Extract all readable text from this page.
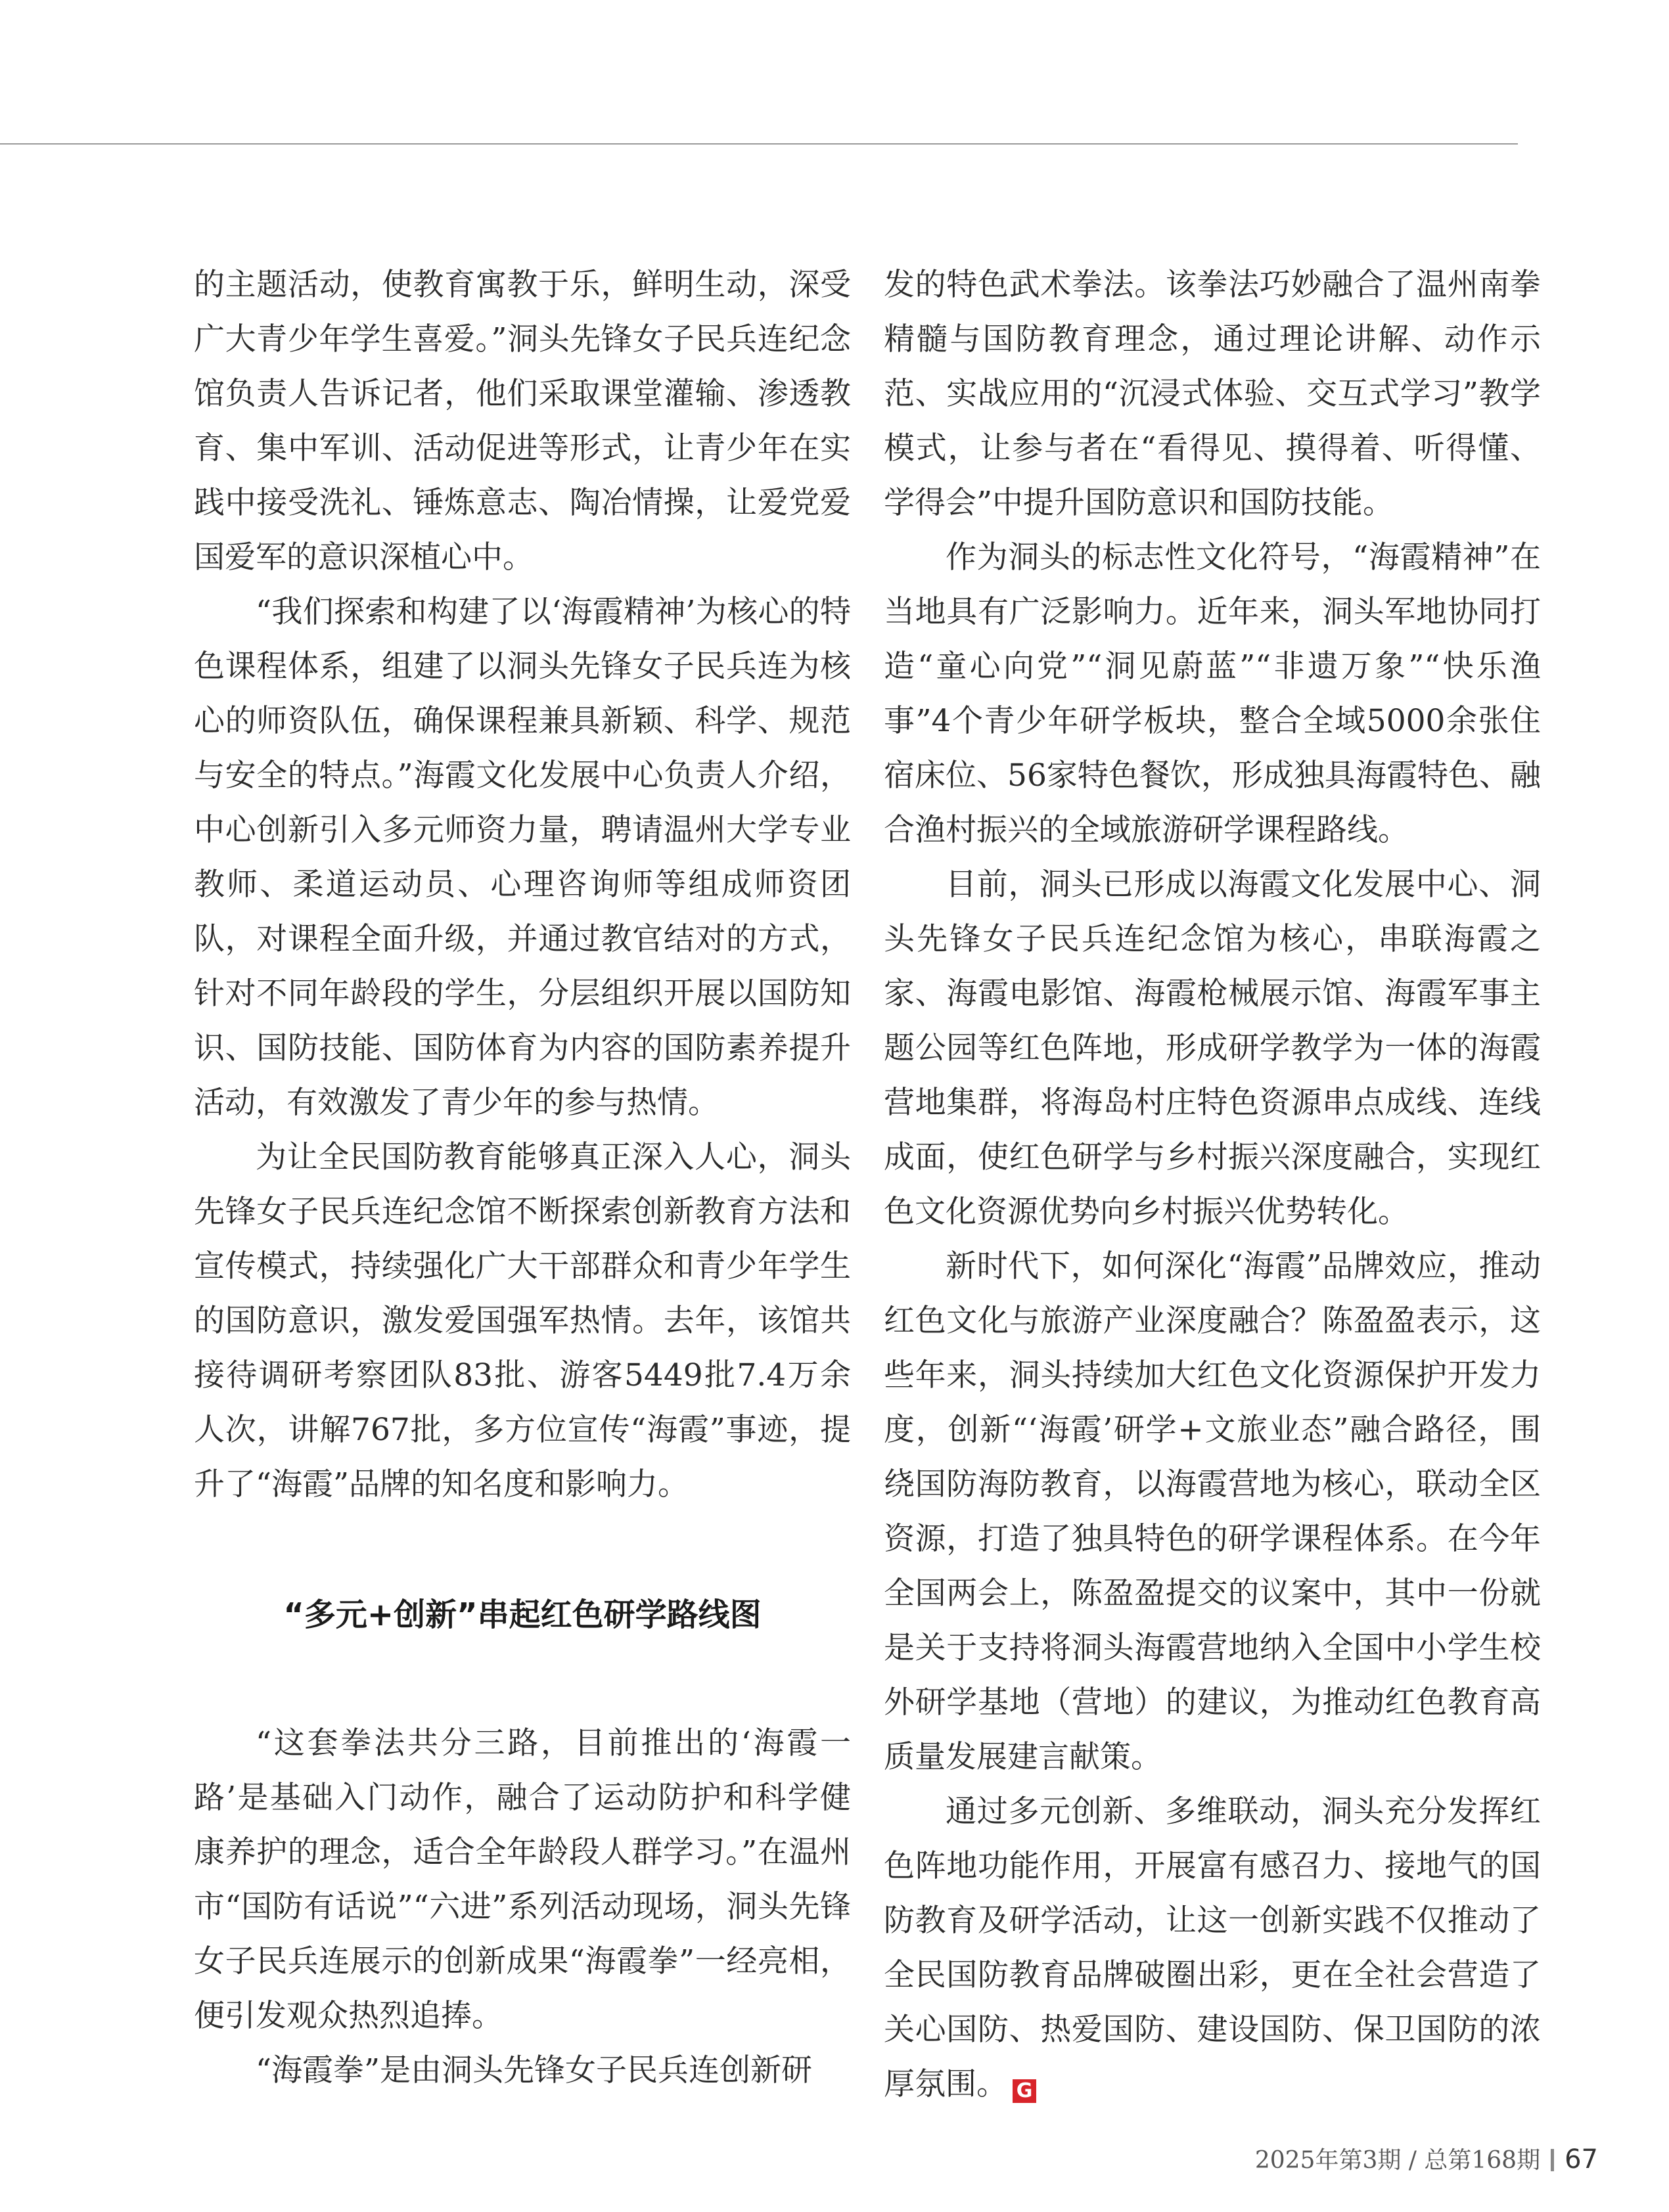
的主题活动，使教育寓教于乐，鲜明生动，深受广大青少年学生喜爱。”洞头先锋女子民兵连纪念馆负责人告诉记者，他们采取课堂灌输、渗透教育、集中军训、活动促进等形式，让青少年在实践中接受洗礼、锤炼意志、陶冶情操，让爱党爱国爱军的意识深植心中。

“我们探索和构建了以‘海霞精神’为核心的特色课程体系，组建了以洞头先锋女子民兵连为核心的师资队伍，确保课程兼具新颖、科学、规范与安全的特点。”海霞文化发展中心负责人介绍，中心创新引入多元师资力量，聘请温州大学专业教师、柔道运动员、心理咨询师等组成师资团队，对课程全面升级，并通过教官结对的方式，针对不同年龄段的学生，分层组织开展以国防知识、国防技能、国防体育为内容的国防素养提升活动，有效激发了青少年的参与热情。

为让全民国防教育能够真正深入人心，洞头先锋女子民兵连纪念馆不断探索创新教育方法和宣传模式，持续强化广大干部群众和青少年学生的国防意识，激发爱国强军热情。去年，该馆共接待调研考察团队83批、游客5449批7.4万余人次，讲解767批，多方位宣传“海霞”事迹，提升了“海霞”品牌的知名度和影响力。

“多元+创新”串起红色研学路线图

“这套拳法共分三路，目前推出的‘海霞一路’是基础入门动作，融合了运动防护和科学健康养护的理念，适合全年龄段人群学习。”在温州市“国防有话说”“六进”系列活动现场，洞头先锋女子民兵连展示的创新成果“海霞拳”一经亮相，便引发观众热烈追捧。

“海霞拳”是由洞头先锋女子民兵连创新研

发的特色武术拳法。该拳法巧妙融合了温州南拳精髓与国防教育理念，通过理论讲解、动作示范、实战应用的“沉浸式体验、交互式学习”教学模式，让参与者在“看得见、摸得着、听得懂、学得会”中提升国防意识和国防技能。

作为洞头的标志性文化符号，“海霞精神”在当地具有广泛影响力。近年来，洞头军地协同打造“童心向党”“洞见蔚蓝”“非遗万象”“快乐渔事”4个青少年研学板块，整合全域5000余张住宿床位、56家特色餐饮，形成独具海霞特色、融合渔村振兴的全域旅游研学课程路线。

目前，洞头已形成以海霞文化发展中心、洞头先锋女子民兵连纪念馆为核心，串联海霞之家、海霞电影馆、海霞枪械展示馆、海霞军事主题公园等红色阵地，形成研学教学为一体的海霞营地集群，将海岛村庄特色资源串点成线、连线成面，使红色研学与乡村振兴深度融合，实现红色文化资源优势向乡村振兴优势转化。

新时代下，如何深化“海霞”品牌效应，推动红色文化与旅游产业深度融合？陈盈盈表示，这些年来，洞头持续加大红色文化资源保护开发力度，创新“‘海霞’研学+文旅业态”融合路径，围绕国防海防教育，以海霞营地为核心，联动全区资源，打造了独具特色的研学课程体系。在今年全国两会上，陈盈盈提交的议案中，其中一份就是关于支持将洞头海霞营地纳入全国中小学生校外研学基地（营地）的建议，为推动红色教育高质量发展建言献策。

通过多元创新、多维联动，洞头充分发挥红色阵地功能作用，开展富有感召力、接地气的国防教育及研学活动，让这一创新实践不仅推动了全民国防教育品牌破圈出彩，更在全社会营造了关心国防、热爱国防、建设国防、保卫国防的浓厚氛围。 G

2025年第3期 / 总第168期 67
